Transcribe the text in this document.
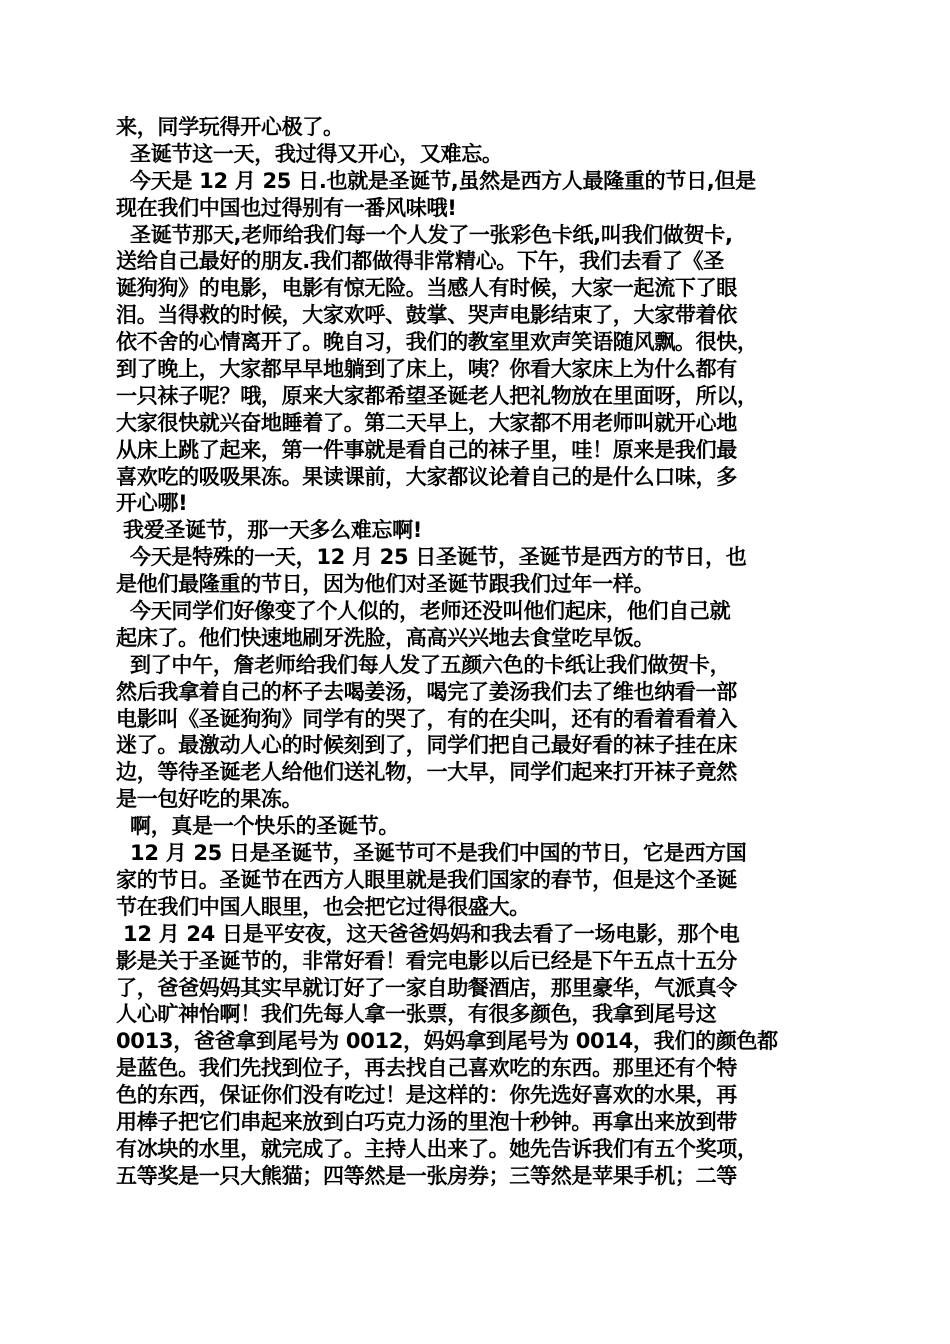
来，同学玩得开心极了。
圣诞节这一天，我过得又开心，又难忘。
今天是 12 月 25 日.也就是圣诞节,虽然是西方人最隆重的节日,但是
现在我们中国也过得别有一番风味哦!
圣诞节那天,老师给我们每一个人发了一张彩色卡纸,叫我们做贺卡,
送给自己最好的朋友.我们都做得非常精心。下午，我们去看了《圣
诞狗狗》的电影，电影有惊无险。当感人有时候，大家一起流下了眼
泪。当得救的时候，大家欢呼、鼓掌、哭声电影结束了，大家带着依
依不舍的心情离开了。晚自习，我们的教室里欢声笑语随风飘。很快，
到了晚上，大家都早早地躺到了床上，咦？你看大家床上为什么都有
一只袜子呢？哦，原来大家都希望圣诞老人把礼物放在里面呀，所以，
大家很快就兴奋地睡着了。第二天早上，大家都不用老师叫就开心地
从床上跳了起来，第一件事就是看自己的袜子里，哇！原来是我们最
喜欢吃的吸吸果冻。果读课前，大家都议论着自己的是什么口味，多
开心哪!
我爱圣诞节，那一天多么难忘啊!
今天是特殊的一天，12 月 25 日圣诞节，圣诞节是西方的节日，也
是他们最隆重的节日，因为他们对圣诞节跟我们过年一样。
今天同学们好像变了个人似的，老师还没叫他们起床，他们自己就
起床了。他们快速地刷牙洗脸，高高兴兴地去食堂吃早饭。
到了中午，詹老师给我们每人发了五颜六色的卡纸让我们做贺卡，
然后我拿着自己的杯子去喝姜汤，喝完了姜汤我们去了维也纳看一部
电影叫《圣诞狗狗》同学有的哭了，有的在尖叫，还有的看着看着入
迷了。最激动人心的时候刻到了，同学们把自己最好看的袜子挂在床
边，等待圣诞老人给他们送礼物，一大早，同学们起来打开袜子竟然
是一包好吃的果冻。
啊，真是一个快乐的圣诞节。
12 月 25 日是圣诞节，圣诞节可不是我们中国的节日，它是西方国
家的节日。圣诞节在西方人眼里就是我们国家的春节，但是这个圣诞
节在我们中国人眼里，也会把它过得很盛大。
12 月 24 日是平安夜，这天爸爸妈妈和我去看了一场电影，那个电
影是关于圣诞节的，非常好看！看完电影以后已经是下午五点十五分
了，爸爸妈妈其实早就订好了一家自助餐酒店，那里豪华，气派真令
人心旷神怡啊！我们先每人拿一张票，有很多颜色，我拿到尾号这
0013，爸爸拿到尾号为 0012，妈妈拿到尾号为 0014，我们的颜色都
是蓝色。我们先找到位子，再去找自己喜欢吃的东西。那里还有个特
色的东西，保证你们没有吃过！是这样的：你先选好喜欢的水果，再
用棒子把它们串起来放到白巧克力汤的里泡十秒钟。再拿出来放到带
有冰块的水里，就完成了。主持人出来了。她先告诉我们有五个奖项，
五等奖是一只大熊猫；四等然是一张房券；三等然是苹果手机；二等
